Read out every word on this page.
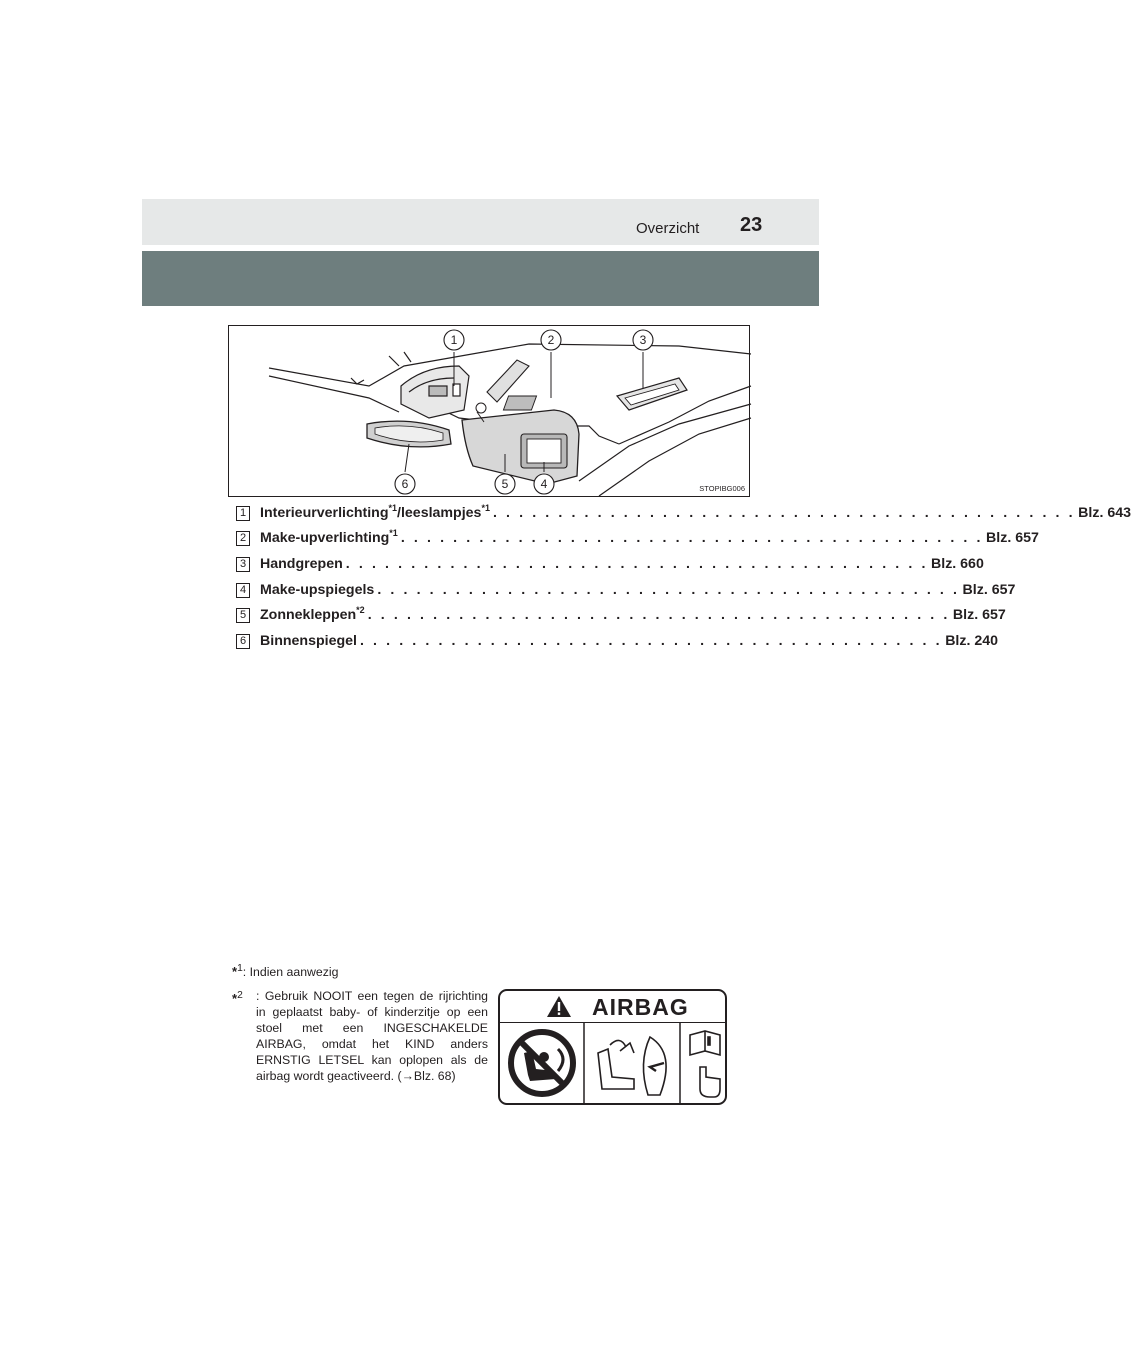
Overzicht 23
1	2	3
4
5
6	STOPIBG006
1 Interieurverlichting$^{*1}$/leeslampjes$^{*1}$ . . . . . . . . . . . . . . . . . . . . . . . . . . . . . . . . . . . . . . . . . . . . . Blz. 643
2 Make-upverlichting$^{*1}$ . . . . . . . . . . . . . . . . . . . . . . . . . . . . . . . . . . . . . . . . . . . . . Blz. 657
3 Handgrepen . . . . . . . . . . . . . . . . . . . . . . . . . . . . . . . . . . . . . . . . . . . . . Blz. 660
4 Make-upspiegels . . . . . . . . . . . . . . . . . . . . . . . . . . . . . . . . . . . . . . . . . . . . . Blz. 657
5 Zonnekleppen$^{*2}$ . . . . . . . . . . . . . . . . . . . . . . . . . . . . . . . . . . . . . . . . . . . . . Blz. 657
6 Binnenspiegel . . . . . . . . . . . . . . . . . . . . . . . . . . . . . . . . . . . . . . . . . . . . . Blz. 240
*$^1$: Indien aanwezig
*$^2$ : Gebruik NOOIT een tegen de rijrichting in geplaatst baby- of kinderzitje op een stoel met een INGESCHAKELDE AIRBAG, omdat het KIND anders ERNSTIG LETSEL kan oplopen als de airbag wordt geactiveerd. (→Blz. 68)
AIRBAG
